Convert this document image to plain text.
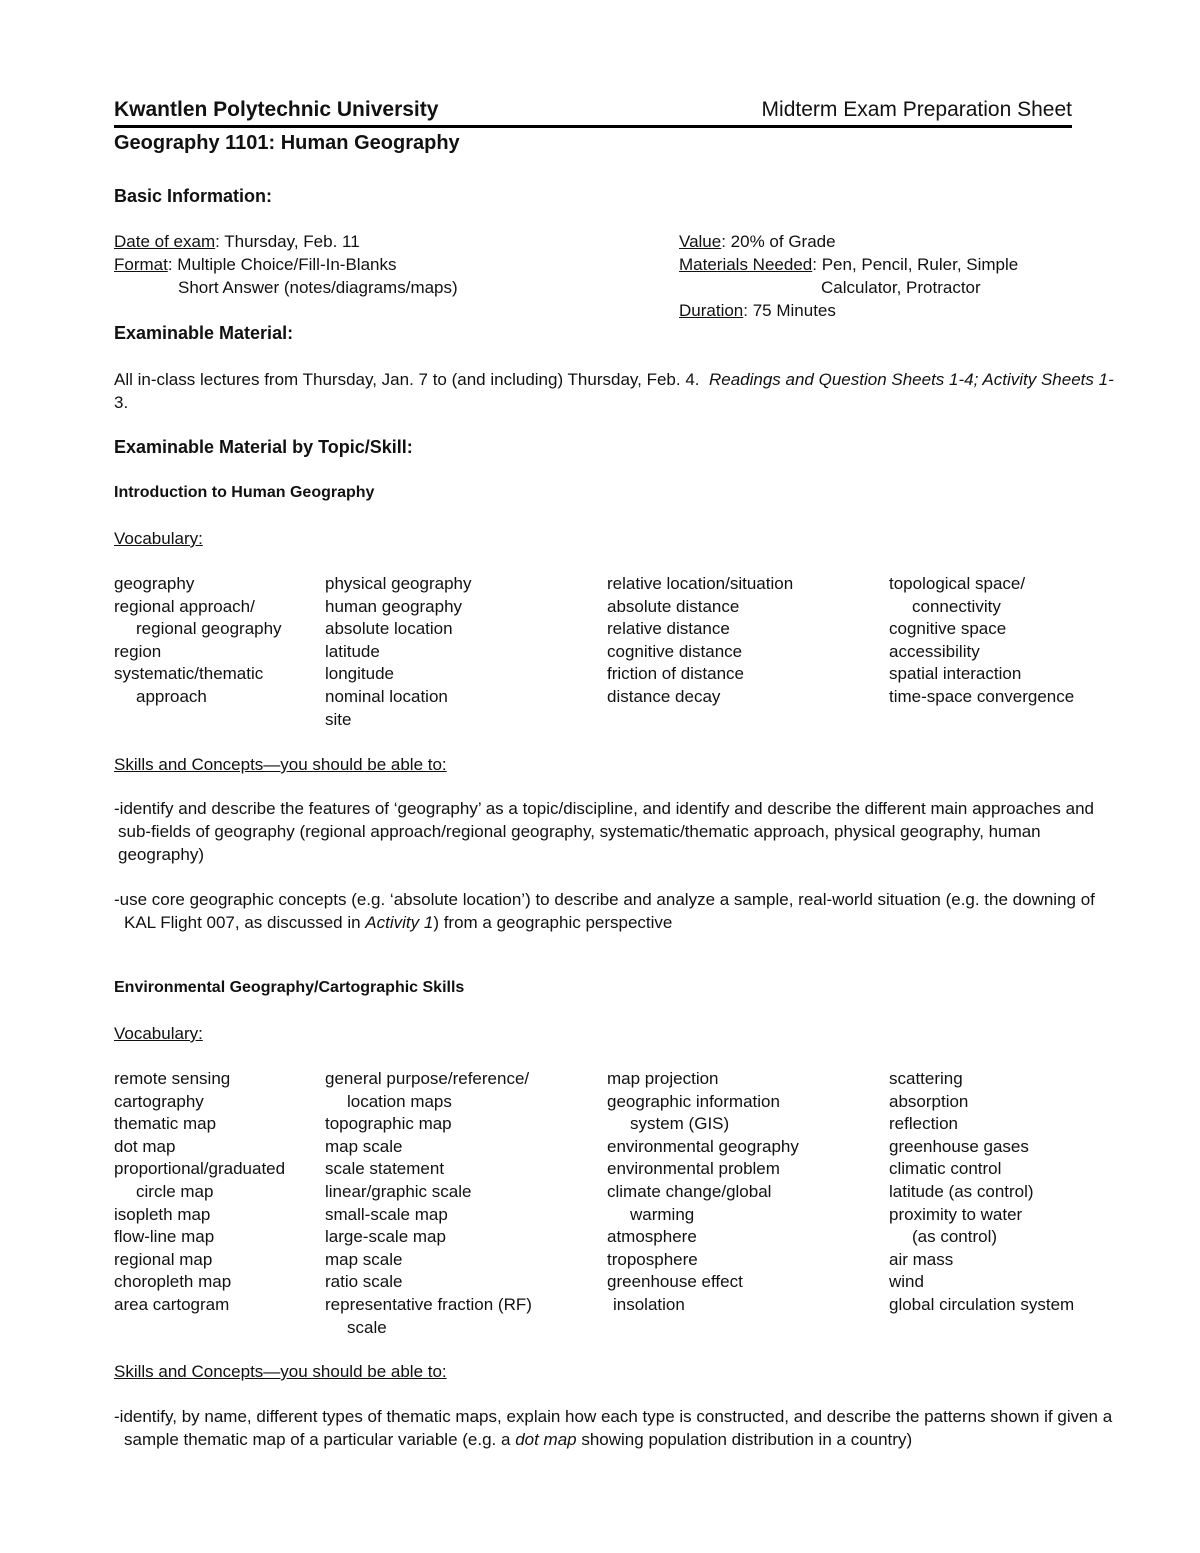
Kwantlen Polytechnic University	Midterm Exam Preparation Sheet
Geography 1101: Human Geography
Basic Information:
Date of exam: Thursday, Feb. 11
Format: Multiple Choice/Fill-In-Blanks
Short Answer (notes/diagrams/maps)
Value: 20% of Grade
Materials Needed: Pen, Pencil, Ruler, Simple
Calculator, Protractor
Duration: 75 Minutes
Examinable Material:
All in-class lectures from Thursday, Jan. 7 to (and including) Thursday, Feb. 4. Readings and Question Sheets 1-4; Activity Sheets 1-
3.
Examinable Material by Topic/Skill:
Introduction to Human Geography
Vocabulary:
geography
regional approach/
regional geography
region
systematic/thematic
approach
physical geography
human geography
absolute location
latitude
longitude
nominal location
site
relative location/situation
absolute distance
relative distance
cognitive distance
friction of distance
distance decay
topological space/
connectivity
cognitive space
accessibility
spatial interaction
time-space convergence
Skills and Concepts—you should be able to:
-identify and describe the features of ‘geography’ as a topic/discipline, and identify and describe the different main approaches and
sub-fields of geography (regional approach/regional geography, systematic/thematic approach, physical geography, human
geography)
-use core geographic concepts (e.g. ‘absolute location’) to describe and analyze a sample, real-world situation (e.g. the downing of
KAL Flight 007, as discussed in Activity 1) from a geographic perspective
Environmental Geography/Cartographic Skills
Vocabulary:
remote sensing
cartography
thematic map
dot map
proportional/graduated
circle map
isopleth map
flow-line map
regional map
choropleth map
area cartogram
general purpose/reference/
location maps
topographic map
map scale
scale statement
linear/graphic scale
small-scale map
large-scale map
map scale
ratio scale
representative fraction (RF)
scale
map projection
geographic information
system (GIS)
environmental geography
environmental problem
climate change/global
warming
atmosphere
troposphere
greenhouse effect
insolation
scattering
absorption
reflection
greenhouse gases
climatic control
latitude (as control)
proximity to water
(as control)
air mass
wind
global circulation system
Skills and Concepts—you should be able to:
-identify, by name, different types of thematic maps, explain how each type is constructed, and describe the patterns shown if given a
sample thematic map of a particular variable (e.g. a dot map showing population distribution in a country)
